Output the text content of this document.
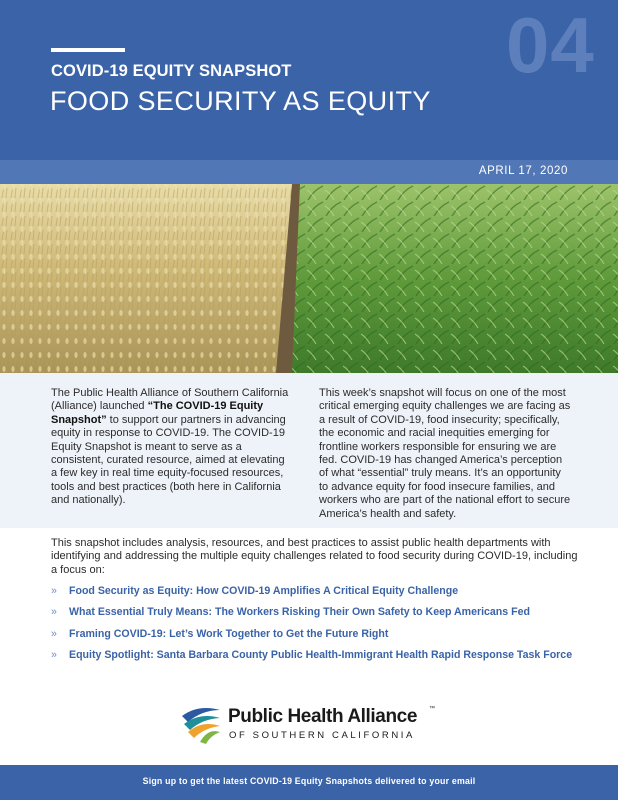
COVID-19 EQUITY SNAPSHOT
FOOD SECURITY AS EQUITY
04
APRIL 17, 2020
The Public Health Alliance of Southern California (Alliance) launched “The COVID-19 Equity Snapshot” to support our partners in advancing equity in response to COVID-19. The COVID-19 Equity Snapshot is meant to serve as a consistent, curated resource, aimed at elevating a few key in real time equity-focused resources, tools and best practices (both here in California and nationally).
This week’s snapshot will focus on one of the most critical emerging equity challenges we are facing as a result of COVID-19, food insecurity; specifically, the economic and racial inequities emerging for frontline workers responsible for ensuring we are fed. COVID-19 has changed America’s perception of what “essential” truly means. It’s an opportunity to advance equity for food insecure families, and workers who are part of the national effort to secure America’s health and safety.
This snapshot includes analysis, resources, and best practices to assist public health departments with identifying and addressing the multiple equity challenges related to food security during COVID-19, including a focus on:
» Food Security as Equity: How COVID-19 Amplifies A Critical Equity Challenge
» What Essential Truly Means: The Workers Risking Their Own Safety to Keep Americans Fed
» Framing COVID-19: Let’s Work Together to Get the Future Right
» Equity Spotlight: Santa Barbara County Public Health-Immigrant Health Rapid Response Task Force
Public Health Alliance ™
OF SOUTHERN CALIFORNIA
Sign up to get the latest COVID-19 Equity Snapshots delivered to your email
